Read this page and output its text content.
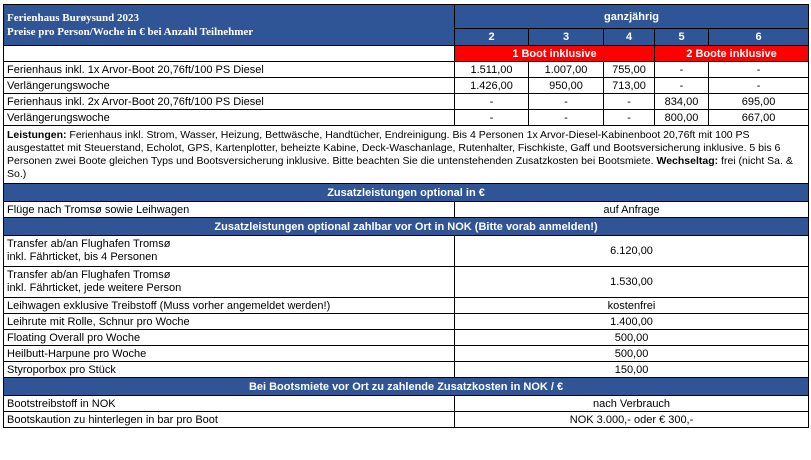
Ferienhaus Burøysund 2023
Preise pro Person/Woche in € bei Anzahl Teilnehmer	ganzjährig				
	2	3	4	5	6
	1 Boot inklusive			2 Boote inklusive	
Ferienhaus inkl. 1x Arvor-Boot 20,76ft/100 PS Diesel	1.511,00	1.007,00	755,00	-	-
Verlängerungswoche	1.426,00	950,00	713,00	-	-
Ferienhaus inkl. 2x Arvor-Boot 20,76ft/100 PS Diesel	-	-	-	834,00	695,00
Verlängerungswoche	-	-	-	800,00	667,00
Leistungen: Ferienhaus inkl. Strom, Wasser, Heizung, Bettwäsche, Handtücher, Endreinigung. Bis 4 Personen 1x Arvor-Diesel-Kabinenboot 20,76ft mit 100 PS ausgestattet mit Steuerstand, Echolot, GPS, Kartenplotter, beheizte Kabine, Deck-Waschanlage, Rutenhalter, Fischkiste, Gaff und Bootsversicherung inklusive. 5 bis 6 Personen zwei Boote gleichen Typs und Bootsversicherung inklusive. Bitte beachten Sie die untenstehenden Zusatzkosten bei Bootsmiete. Wechseltag: frei (nicht Sa. & So.)					
Zusatzleistungen optional in €					
Flüge nach Tromsø sowie Leihwagen	auf Anfrage				
Zusatzleistungen optional zahlbar vor Ort in NOK (Bitte vorab anmelden!)					
Transfer ab/an Flughafen Tromsø
inkl. Fährticket, bis 4 Personen	6.120,00				
Transfer ab/an Flughafen Tromsø
inkl. Fährticket, jede weitere Person	1.530,00				
Leihwagen exklusive Treibstoff (Muss vorher angemeldet werden!)	kostenfrei				
Leihrute mit Rolle, Schnur pro Woche	1.400,00				
Floating Overall pro Woche	500,00				
Heilbutt-Harpune pro Woche	500,00				
Styroporbox pro Stück	150,00				
Bei Bootsmiete vor Ort zu zahlende Zusatzkosten in NOK / €					
Bootstreibstoff in NOK	nach Verbrauch				
Bootskaution zu hinterlegen in bar pro Boot	NOK 3.000,- oder € 300,-				
